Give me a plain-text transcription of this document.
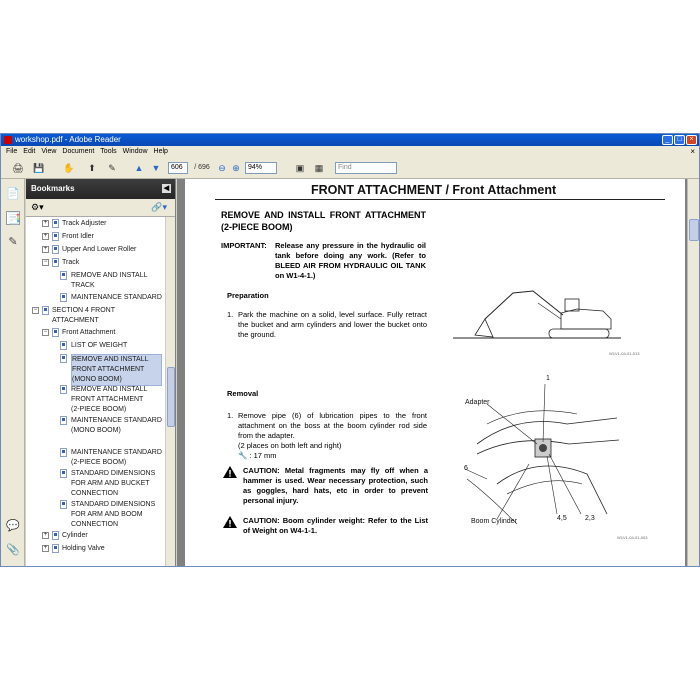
workshop.pdf - Adobe Reader	_	□	×
File Edit View Document Tools Window Help	×
🖨 💾 ✋	⬆	✎	▲ ▼	606	/ 696 ⊖ ⊕	94%	▣	▦	Find
📄
📑
✎
💬
📎
Bookmarks	◀
⚙▾	🔗▾
+ Track Adjuster
+ Front Idler
+ Upper And Lower Roller
− Track
REMOVE AND INSTALL TRACK
MAINTENANCE STANDARD
− SECTION 4 FRONT ATTACHMENT
− Front Attachment
LIST OF WEIGHT
REMOVE AND INSTALL FRONT ATTACHMENT (MONO BOOM)
REMOVE AND INSTALL FRONT ATTACHMENT (2-PIECE BOOM)
MAINTENANCE STANDARD (MONO BOOM)
MAINTENANCE STANDARD (2-PIECE BOOM)
STANDARD DIMENSIONS FOR ARM AND BUCKET CONNECTION
STANDARD DIMENSIONS FOR ARM AND BOOM CONNECTION
+ Cylinder
+ Holding Valve
FRONT ATTACHMENT / Front Attachment
REMOVE AND INSTALL FRONT ATTACHMENT (2-PIECE BOOM)
IMPORTANT: Release any pressure in the hydraulic oil tank before doing any work. (Refer to BLEED AIR FROM HYDRAULIC OIL TANK on W1-4-1.)
Preparation
1. Park the machine on a solid, level surface. Fully retract the bucket and arm cylinders and lower the bucket onto the ground.
W1V1-04-01-013
Removal
1. Remove pipe (6) of lubrication pipes to the front attachment on the boss at the boom cylinder rod side from the adapter.
(2 places on both left and right)
🔧 : 17 mm
1
Adapter
6
Boom Cylinder	4,5	2,3
W1V1-04-01-003
CAUTION: Metal fragments may fly off when a hammer is used. Wear necessary protection, such as goggles, hard hats, etc in order to prevent personal injury.
CAUTION: Boom cylinder weight: Refer to the List of Weight on W4-1-1.
